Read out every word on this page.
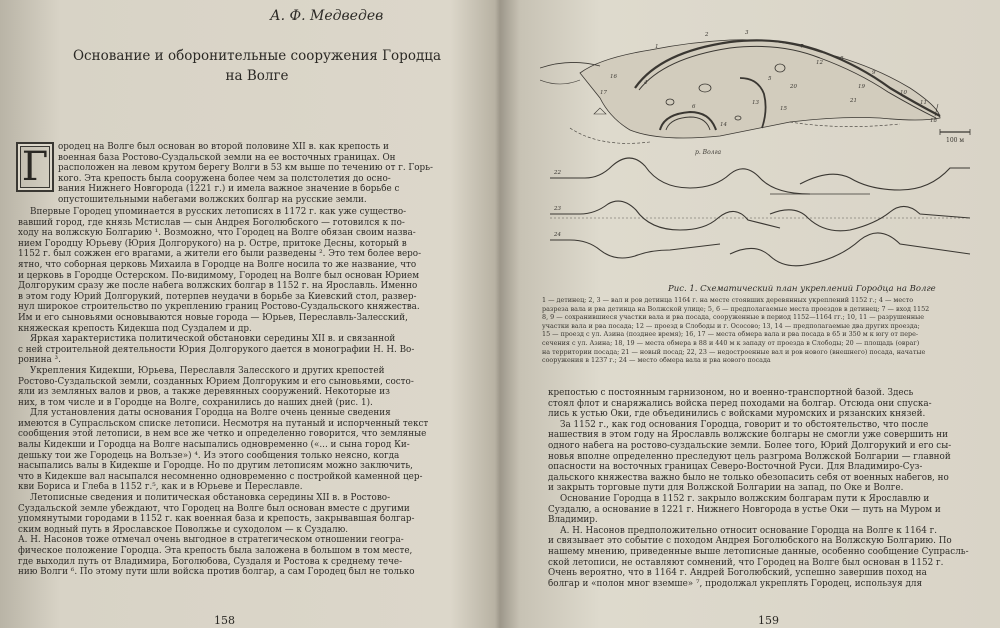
А. Ф. Медведев
Основание и оборонительные сооружения Городца
на Волге
Г	ородец на Волге был основан во второй половине XII в. как крепость и
военная база Ростово-Суздальской земли на ее восточных границах. Он
расположен на левом крутом берегу Волги в 53 км выше по течению от г. Горь-
кого. Эта крепость была сооружена более чем за полстолетия до осно-
вания Нижнего Новгорода (1221 г.) и имела важное значение в борьбе с
опустошительными набегами волжских болгар на русские земли.
Впервые Городец упоминается в русских летописях в 1172 г. как уже существо-
вавший город, где князь Мстислав — сын Андрея Боголюбского — готовился к по-
ходу на волжскую Болгарию ¹. Возможно, что Городец на Волге обязан своим назва-
нием Городцу Юрьеву (Юрия Долгорукого) на р. Остре, притоке Десны, который в
1152 г. был сожжен его врагами, а жители его были разведены ². Это тем более веро-
ятно, что соборная церковь Михаила в Городце на Волге носила то же название, что
и церковь в Городце Остерском. По-видимому, Городец на Волге был основан Юрием
Долгоруким сразу же после набега волжских болгар в 1152 г. на Ярославль. Именно
в этом году Юрий Долгорукий, потерпев неудачи в борьбе за Киевский стол, развер-
нул широкое строительство по укреплению границ Ростово-Суздальского княжества.
Им и его сыновьями основываются новые города — Юрьев, Переславль-Залесский,
княжеская крепость Кидекша под Суздалем и др.
Яркая характеристика политической обстановки середины XII в. и связанной
с ней строительной деятельности Юрия Долгорукого дается в монографии Н. Н. Во-
ронина ³.
Укрепления Кидекши, Юрьева, Переславля Залесского и других крепостей
Ростово-Суздальской земли, созданных Юрием Долгоруким и его сыновьями, состо-
яли из земляных валов и рвов, а также деревянных сооружений. Некоторые из
них, в том числе и в Городце на Волге, сохранились до наших дней (рис. 1).
Для установления даты основания Городца на Волге очень ценные сведения
имеются в Супрасльском списке летописи. Несмотря на путаный и испорченный текст
сообщения этой летописи, в нем все же четко и определенно говорится, что земляные
валы Кидекши и Городца на Волге насыпались одновременно («... и сына город Ки-
дешьку тои же Городець на Волъзе») ⁴. Из этого сообщения только неясно, когда
насыпались валы в Кидекше и Городце. Но по другим летописям можно заключить,
что в Кидекше вал насыпался несомненно одновременно с постройкой каменной цер-
кви Бориса и Глеба в 1152 г.⁵, как и в Юрьеве и Переславле.
Летописные сведения и политическая обстановка середины XII в. в Ростово-
Суздальской земле убеждают, что Городец на Волге был основан вместе с другими
упомянутыми городами в 1152 г. как военная база и крепость, закрывавшая болгар-
ским водный путь в Ярославское Поволжье и суходолом — к Суздалю.
А. Н. Насонов тоже отмечал очень выгодное в стратегическом отношении геогра-
фическое положение Городца. Эта крепость была заложена в большом в том месте,
где выходил путь от Владимира, Боголюбова, Суздаля и Ростова к среднему тече-
нию Волги ⁶. По этому пути шли войска против болгар, а сам Городец был не только
158
р. Волга
100 м
1
2	3
4
5
6
7
8
9
10
11
12
13
14
15
16
17
18
19
20
21
22
23
24
Рис. 1. Схематический план укреплений Городца на Волге
1 — детинец; 2, 3 — вал и ров детинца 1164 г. на месте стоявших деревянных укреплений 1152 г.; 4 — место
разреза вала и рва детинца на Волжской улице; 5, 6 — предполагаемые места проездов в детинец; 7 — вход 1152
8, 9 — сохранившиеся участки вала и рва посада, сооруженные в период 1152—1164 гг.; 10, 11 — разрушенные
участки вала и рва посада; 12 — проезд в Слободы и г. Ососово; 13, 14 — предполагаемые два других проезда;
15 — проезд с ул. Азина (позднее время); 16, 17 — места обмера вала и рва посада в 65 и 350 м к югу от пере-
сечения с ул. Азина; 18, 19 — места обмера в 88 и 440 м к западу от проезда в Слободы; 20 — площадь (овраг)
на территории посада; 21 — новый посад; 22, 23 — недостроенные вал и ров нового (внешнего) посада, начатые
сооружения в 1237 г.; 24 — место обмера вала и рва нового посада
крепостью с постоянным гарнизоном, но и военно-транспортной базой. Здесь
стоял флот и снаряжались войска перед походами на болгар. Отсюда они спуска-
лись к устью Оки, где объединились с войсками муромских и рязанских князей.
За 1152 г., как год основания Городца, говорит и то обстоятельство, что после
нашествия в этом году на Ярославль волжские болгары не смогли уже совершить ни
одного набега на ростово-суздальские земли. Более того, Юрий Долгорукий и его сы-
новья вполне определенно преследуют цель разгрома Волжской Болгарии — главной
опасности на восточных границах Северо-Восточной Руси. Для Владимиро-Суз-
дальского княжества важно было не только обезопасить себя от военных набегов, но
и закрыть торговые пути для Волжской Болгарии на запад, по Оке и Волге.
Основание Городца в 1152 г. закрыло волжским болгарам пути к Ярославлю и
Суздалю, а основание в 1221 г. Нижнего Новгорода в устье Оки — путь на Муром и
Владимир.
А. Н. Насонов предположительно относит основание Городца на Волге к 1164 г.
и связывает это событие с походом Андрея Боголюбского на Волжскую Болгарию. По
нашему мнению, приведенные выше летописные данные, особенно сообщение Супрасль-
ской летописи, не оставляют сомнений, что Городец на Волге был основан в 1152 г.
Очень вероятно, что в 1164 г. Андрей Боголюбский, успешно завершив поход на
болгар и «полон мног вземше» ⁷, продолжал укреплять Городец, используя для
159
